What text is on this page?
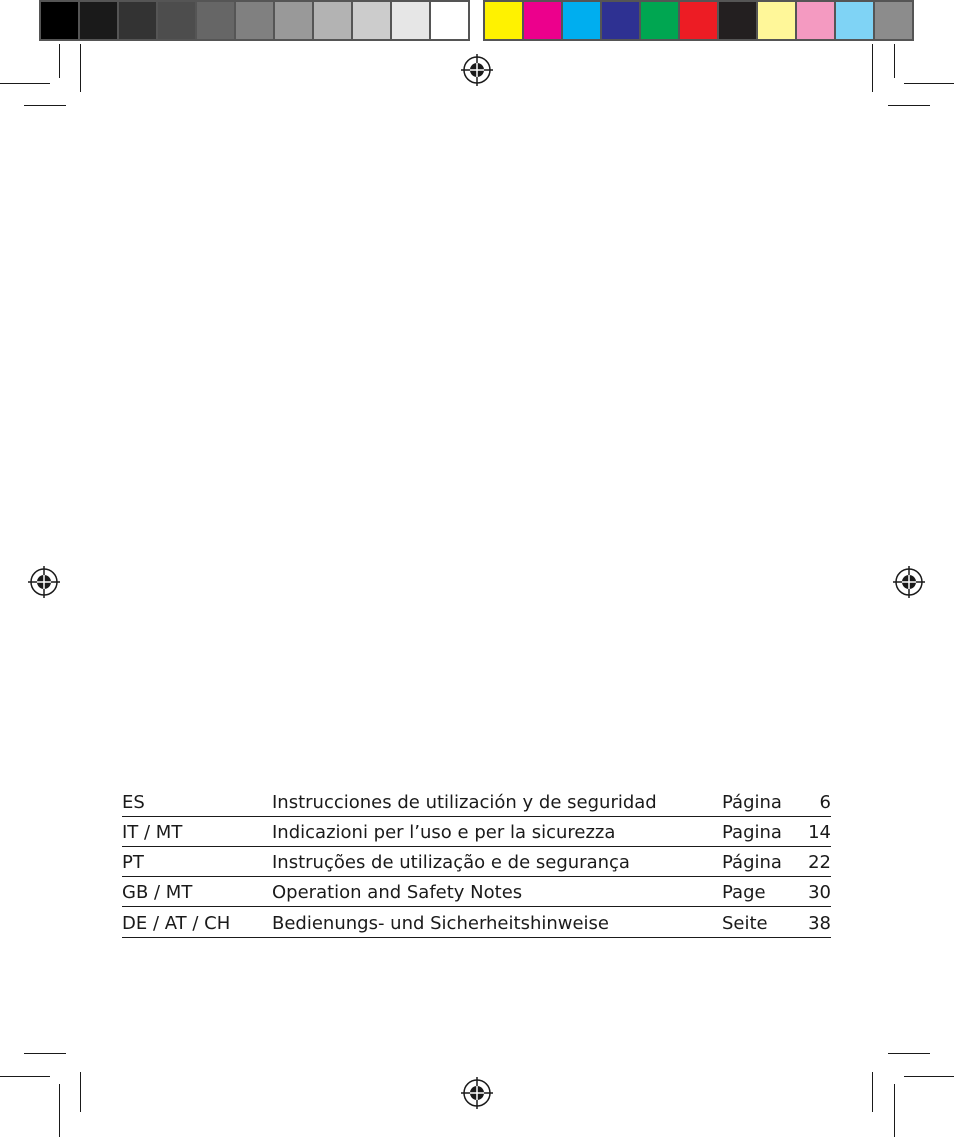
ES	Instrucciones de utilización y de seguridad	Página	6
IT / MT	Indicazioni per l’uso e per la sicurezza	Pagina	14
PT	Instruções de utilização e de segurança	Página	22
GB / MT	Operation and Safety Notes	Page	30
DE / AT / CH	Bedienungs- und Sicherheitshinweise	Seite	38
